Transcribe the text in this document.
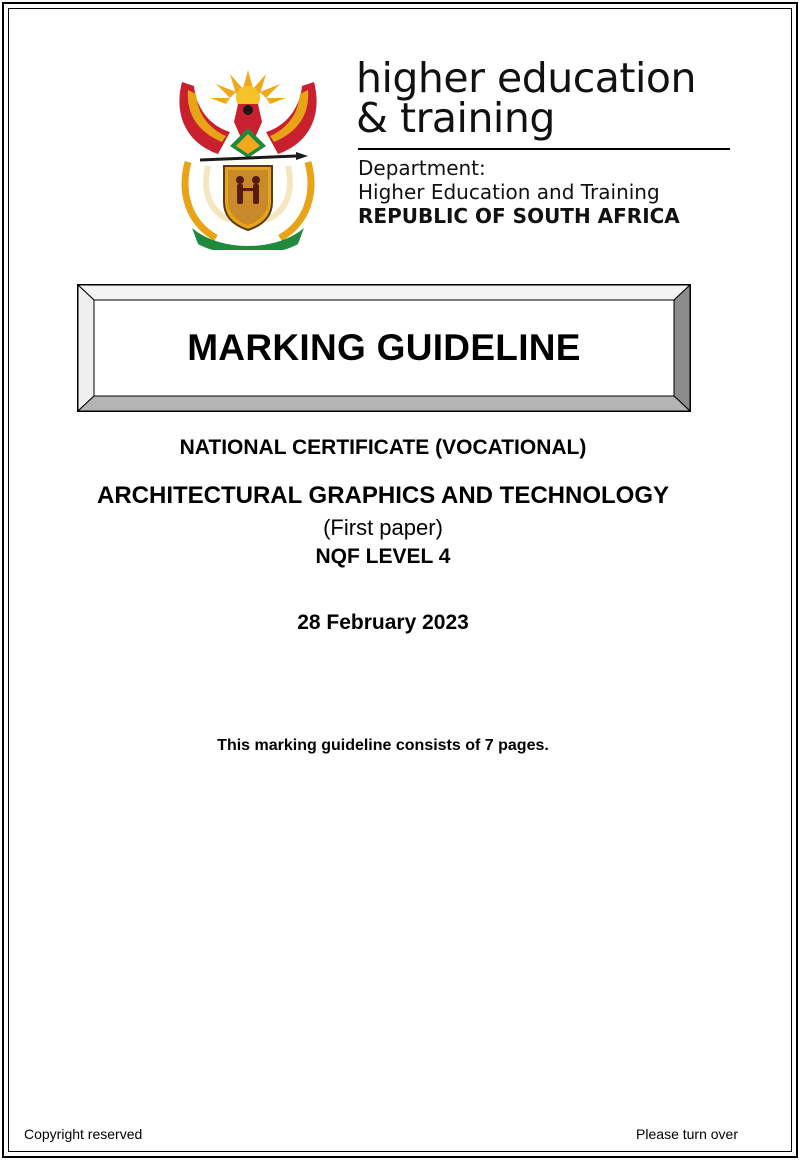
higher education
& training
Department:
Higher Education and Training
REPUBLIC OF SOUTH AFRICA
MARKING GUIDELINE
NATIONAL CERTIFICATE (VOCATIONAL)
ARCHITECTURAL GRAPHICS AND TECHNOLOGY
(First paper)
NQF LEVEL 4
28 February 2023
This marking guideline consists of 7 pages.
Copyright reserved	Please turn over
